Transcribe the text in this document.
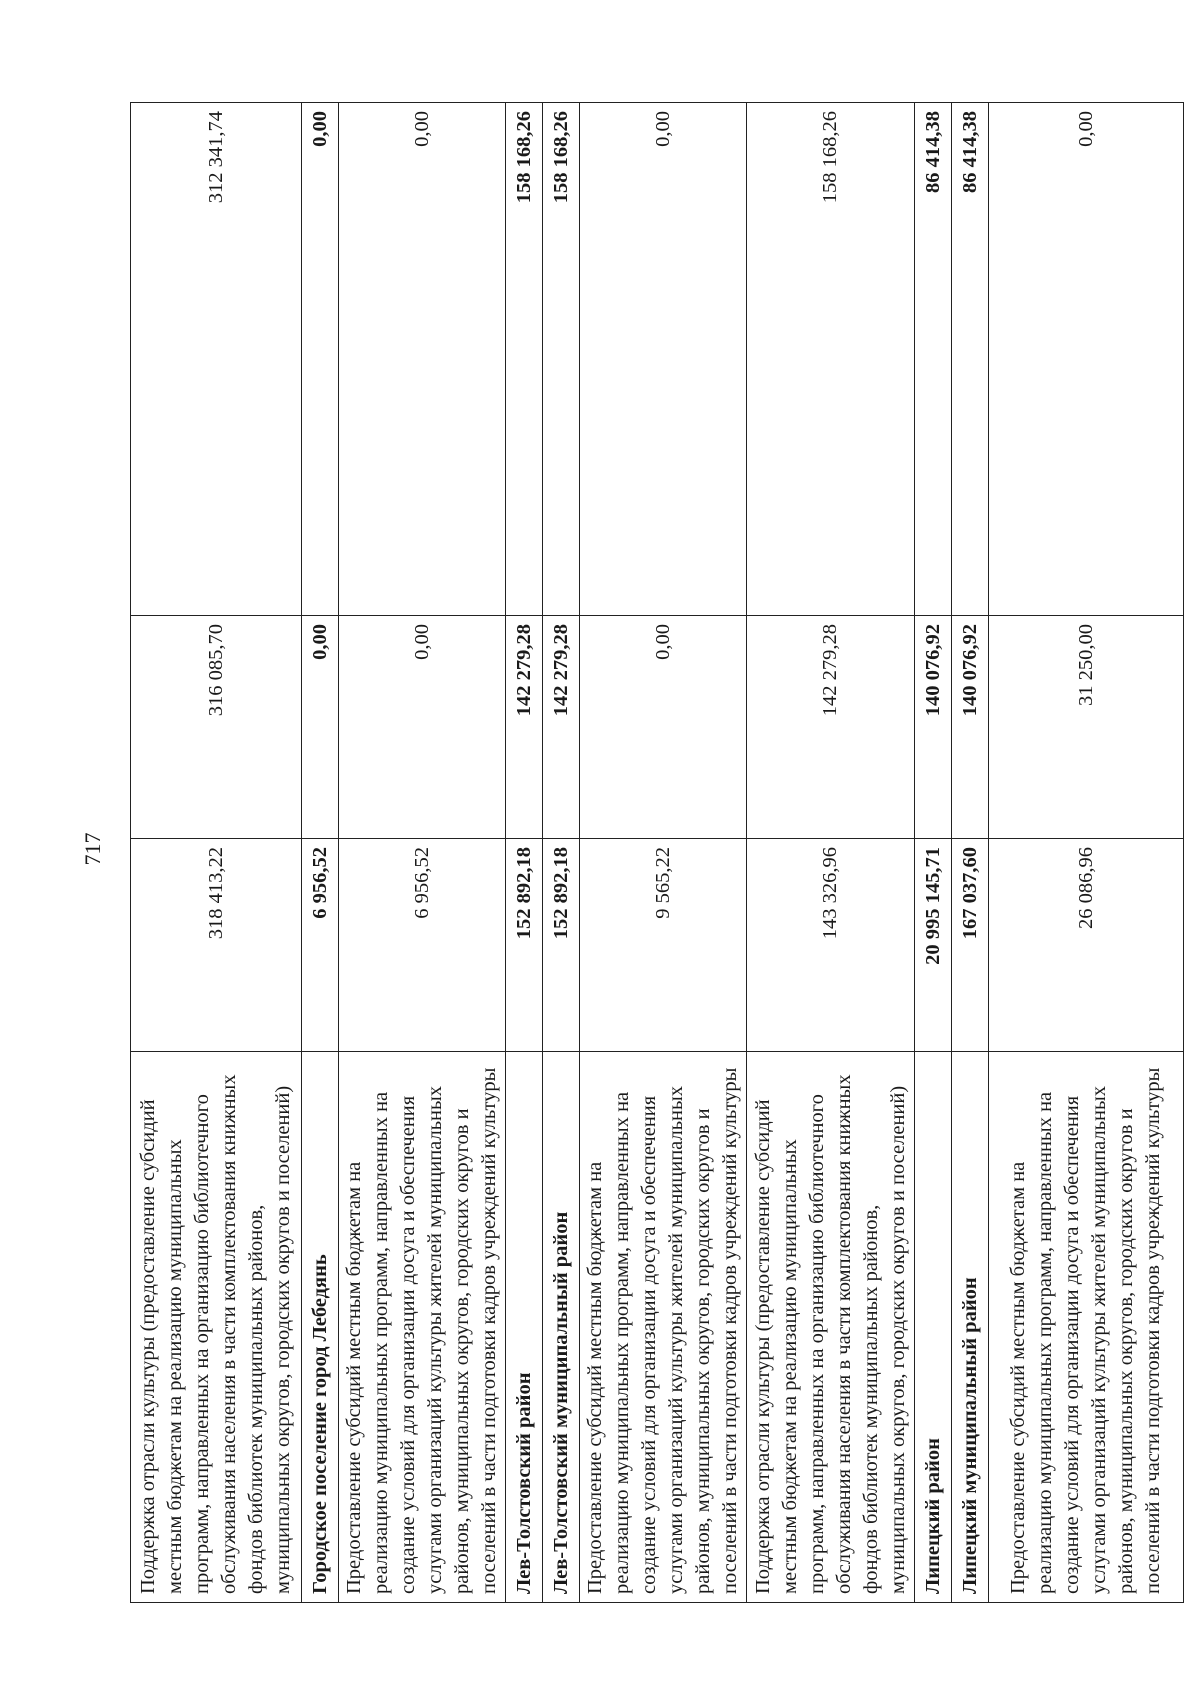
717
Поддержка отрасли культуры (предоставление субсидий местным бюджетам на реализацию муниципальных программ, направленных на организацию библиотечного обслуживания населения в части комплектования книжных фондов библиотек муниципальных районов, муниципальных округов, городских округов и поселений)	318 413,22	316 085,70	312 341,74
Городское поселение город Лебедянь	6 956,52	0,00	0,00
Предоставление субсидий местным бюджетам на реализацию муниципальных программ, направленных на создание условий для организации досуга и обеспечения услугами организаций культуры жителей муниципальных районов, муниципальных округов, городских округов и поселений в части подготовки кадров учреждений культуры	6 956,52	0,00	0,00
Лев-Толстовский район	152 892,18	142 279,28	158 168,26
Лев-Толстовский муниципальный район	152 892,18	142 279,28	158 168,26
Предоставление субсидий местным бюджетам на реализацию муниципальных программ, направленных на создание условий для организации досуга и обеспечения услугами организаций культуры жителей муниципальных районов, муниципальных округов, городских округов и поселений в части подготовки кадров учреждений культуры	9 565,22	0,00	0,00
Поддержка отрасли культуры (предоставление субсидий местным бюджетам на реализацию муниципальных программ, направленных на организацию библиотечного обслуживания населения в части комплектования книжных фондов библиотек муниципальных районов, муниципальных округов, городских округов и поселений)	143 326,96	142 279,28	158 168,26
Липецкий район	20 995 145,71	140 076,92	86 414,38
Липецкий муниципальный район	167 037,60	140 076,92	86 414,38
Предоставление субсидий местным бюджетам на реализацию муниципальных программ, направленных на создание условий для организации досуга и обеспечения услугами организаций культуры жителей муниципальных районов, муниципальных округов, городских округов и поселений в части подготовки кадров учреждений культуры	26 086,96	31 250,00	0,00
